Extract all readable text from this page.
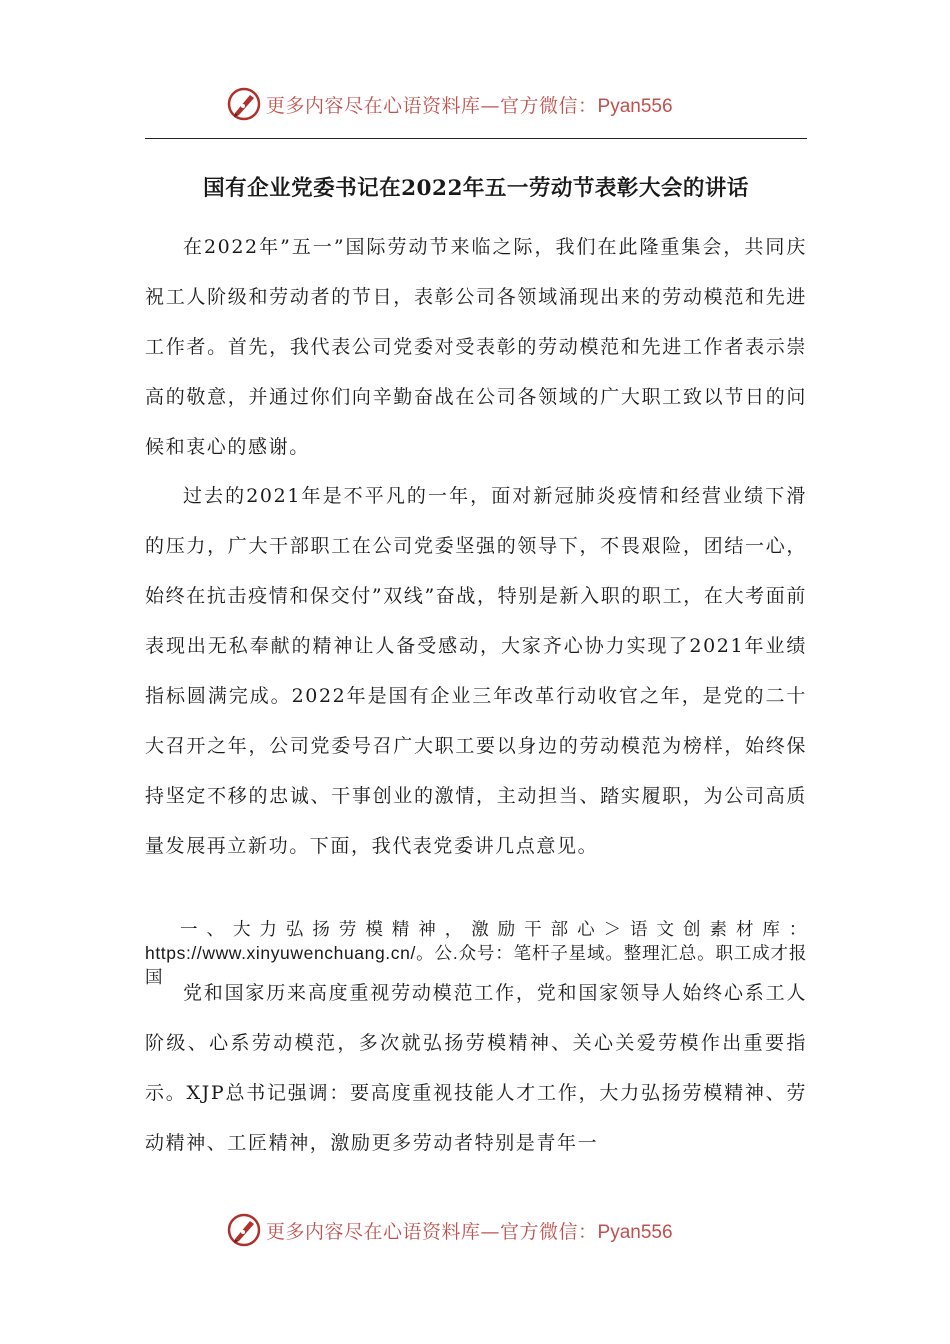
更多内容尽在心语资料库—官方微信：Pyan556
国有企业党委书记在2022年五一劳动节表彰大会的讲话

在2022年”五一”国际劳动节来临之际，我们在此隆重集会，共同庆祝工人阶级和劳动者的节日，表彰公司各领域涌现出来的劳动模范和先进工作者。首先，我代表公司党委对受表彰的劳动模范和先进工作者表示崇高的敬意，并通过你们向辛勤奋战在公司各领域的广大职工致以节日的问候和衷心的感谢。

过去的2021年是不平凡的一年，面对新冠肺炎疫情和经营业绩下滑的压力，广大干部职工在公司党委坚强的领导下，不畏艰险，团结一心，始终在抗击疫情和保交付”双线”奋战，特别是新入职的职工，在大考面前表现出无私奉献的精神让人备受感动，大家齐心协力实现了2021年业绩指标圆满完成。2022年是国有企业三年改革行动收官之年，是党的二十大召开之年，公司党委号召广大职工要以身边的劳动模范为榜样，始终保持坚定不移的忠诚、干事创业的激情，主动担当、踏实履职，为公司高质量发展再立新功。下面，我代表党委讲几点意见。

一、大力弘扬劳模精神，激励干部心＞语文创素材库：https://www.xinyuwenchuang.cn/。公.众号：笔杆子星域。整理汇总。职工成才报国

党和国家历来高度重视劳动模范工作，党和国家领导人始终心系工人阶级、心系劳动模范，多次就弘扬劳模精神、关心关爱劳模作出重要指示。XJP总书记强调：要高度重视技能人才工作，大力弘扬劳模精神、劳动精神、工匠精神，激励更多劳动者特别是青年一

更多内容尽在心语资料库—官方微信：Pyan556
